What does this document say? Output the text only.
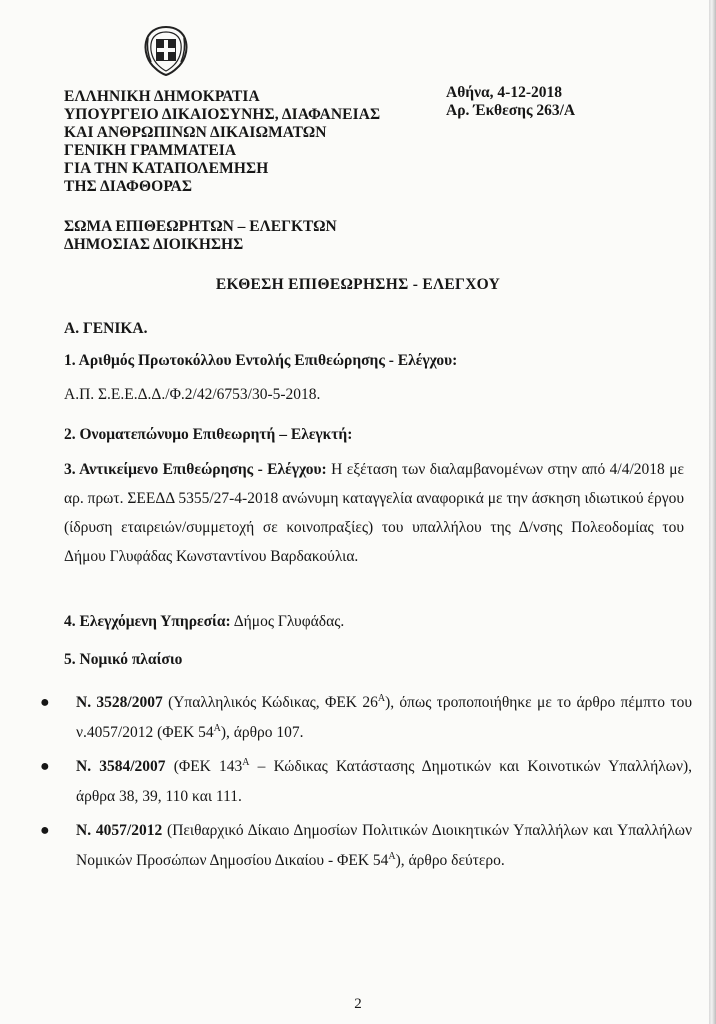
ΕΛΛΗΝΙΚΗ ΔΗΜΟΚΡΑΤΙΑ
ΥΠΟΥΡΓΕΙΟ ΔΙΚΑΙΟΣΥΝΗΣ, ΔΙΑΦΑΝΕΙΑΣ
ΚΑΙ ΑΝΘΡΩΠΙΝΩΝ ΔΙΚΑΙΩΜΑΤΩΝ
ΓΕΝΙΚΗ ΓΡΑΜΜΑΤΕΙΑ
ΓΙΑ ΤΗΝ ΚΑΤΑΠΟΛΕΜΗΣΗ
ΤΗΣ ΔΙΑΦΘΟΡΑΣ
Αθήνα, 4-12-2018
Αρ. Έκθεσης 263/Α
ΣΩΜΑ ΕΠΙΘΕΩΡΗΤΩΝ – ΕΛΕΓΚΤΩΝ
ΔΗΜΟΣΙΑΣ ΔΙΟΙΚΗΣΗΣ
ΕΚΘΕΣΗ ΕΠΙΘΕΩΡΗΣΗΣ - ΕΛΕΓΧΟΥ
Α. ΓΕΝΙΚΑ.
1. Αριθμός Πρωτοκόλλου Εντολής Επιθεώρησης - Ελέγχου:
Α.Π. Σ.Ε.Ε.Δ.Δ./Φ.2/42/6753/30-5-2018.
2. Ονοματεπώνυμο Επιθεωρητή – Ελεγκτή:
3. Αντικείμενο Επιθεώρησης - Ελέγχου: Η εξέταση των διαλαμβανομένων στην από 4/4/2018 με αρ. πρωτ. ΣΕΕΔΔ 5355/27-4-2018 ανώνυμη καταγγελία αναφορικά με την άσκηση ιδιωτικού έργου (ίδρυση εταιρειών/συμμετοχή σε κοινοπραξίες) του υπαλλήλου της Δ/νσης Πολεοδομίας του Δήμου Γλυφάδας Κωνσταντίνου Βαρδακούλια.
4. Ελεγχόμενη Υπηρεσία: Δήμος Γλυφάδας.
5. Νομικό πλαίσιο
● Ν. 3528/2007 (Υπαλληλικός Κώδικας, ΦΕΚ $26^A$), όπως τροποποιήθηκε με το άρθρο πέμπτο του ν.4057/2012 (ΦΕΚ $54^A$), άρθρο 107.
● Ν. 3584/2007 (ΦΕΚ $143^A$ – Κώδικας Κατάστασης Δημοτικών και Κοινοτικών Υπαλλήλων), άρθρα 38, 39, 110 και 111.
● Ν. 4057/2012 (Πειθαρχικό Δίκαιο Δημοσίων Πολιτικών Διοικητικών Υπαλλήλων και Υπαλλήλων Νομικών Προσώπων Δημοσίου Δικαίου - ΦΕΚ $54^A$), άρθρο δεύτερο.
2
